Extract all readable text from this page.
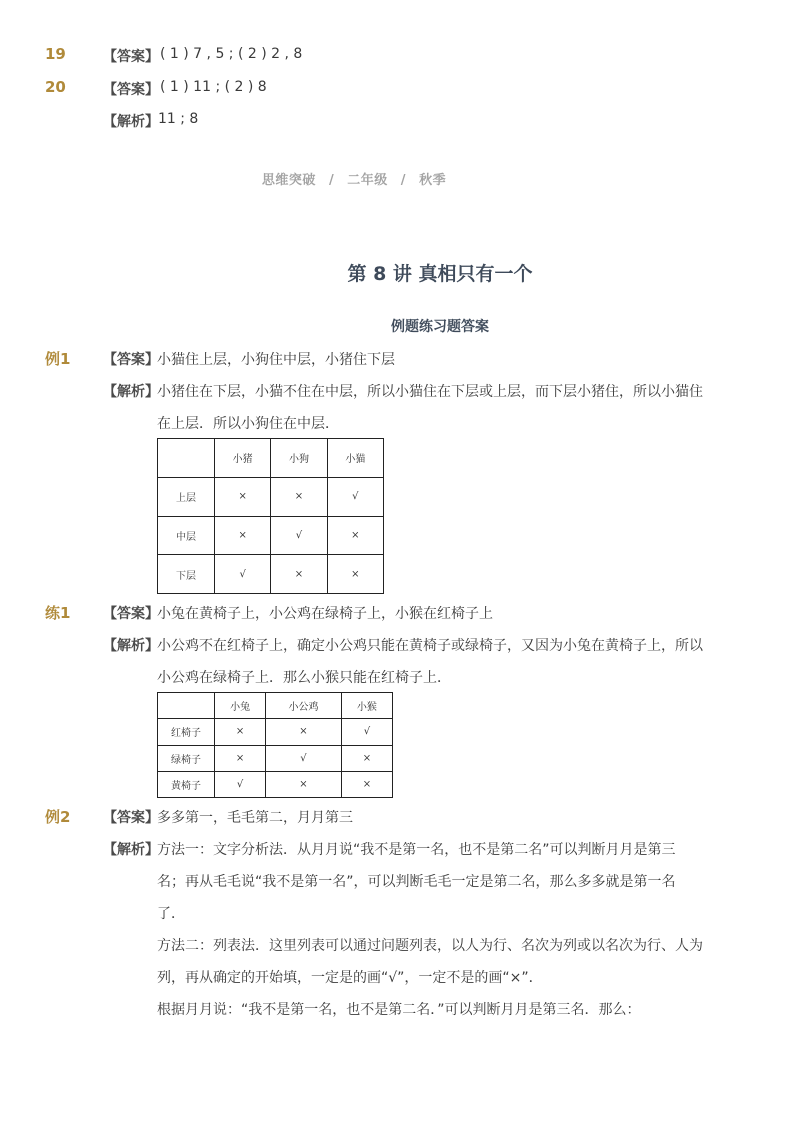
19	【答案】 ( 1 ) 7 , 5 ; ( 2 ) 2 , 8
20	【答案】 ( 1 ) 11 ; ( 2 ) 8
【解析】 11 ; 8
思维突破 / 二年级 / 秋季
第 8 讲 真相只有一个
例题练习题答案
例1 【答案】
小猫住上层，小狗住中层，小猪住下层
【解析】
小猪住在下层，小猫不住在中层，所以小猫住在下层或上层，而下层小猪住，所以小猫住
在上层．所以小狗住在中层．
	小猪	小狗	小猫
上层	×	×	√
中层	×	√	×
下层	√	×	×
练1 【答案】
小兔在黄椅子上，小公鸡在绿椅子上，小猴在红椅子上
【解析】
小公鸡不在红椅子上，确定小公鸡只能在黄椅子或绿椅子，又因为小兔在黄椅子上，所以
小公鸡在绿椅子上．那么小猴只能在红椅子上．
	小兔	小公鸡	小猴
红椅子	×	×	√
绿椅子	×	√	×
黄椅子	√	×	×
例2 【答案】
多多第一，毛毛第二，月月第三
【解析】
方法一：文字分析法．从月月说“我不是第一名，也不是第二名”可以判断月月是第三
名；再从毛毛说“我不是第一名”，可以判断毛毛一定是第二名，那么多多就是第一名
了．
方法二：列表法．这里列表可以通过问题列表，以人为行、名次为列或以名次为行、人为
列，再从确定的开始填，一定是的画“√”，一定不是的画“×”．
根据月月说：“我不是第一名，也不是第二名．”可以判断月月是第三名．那么：
